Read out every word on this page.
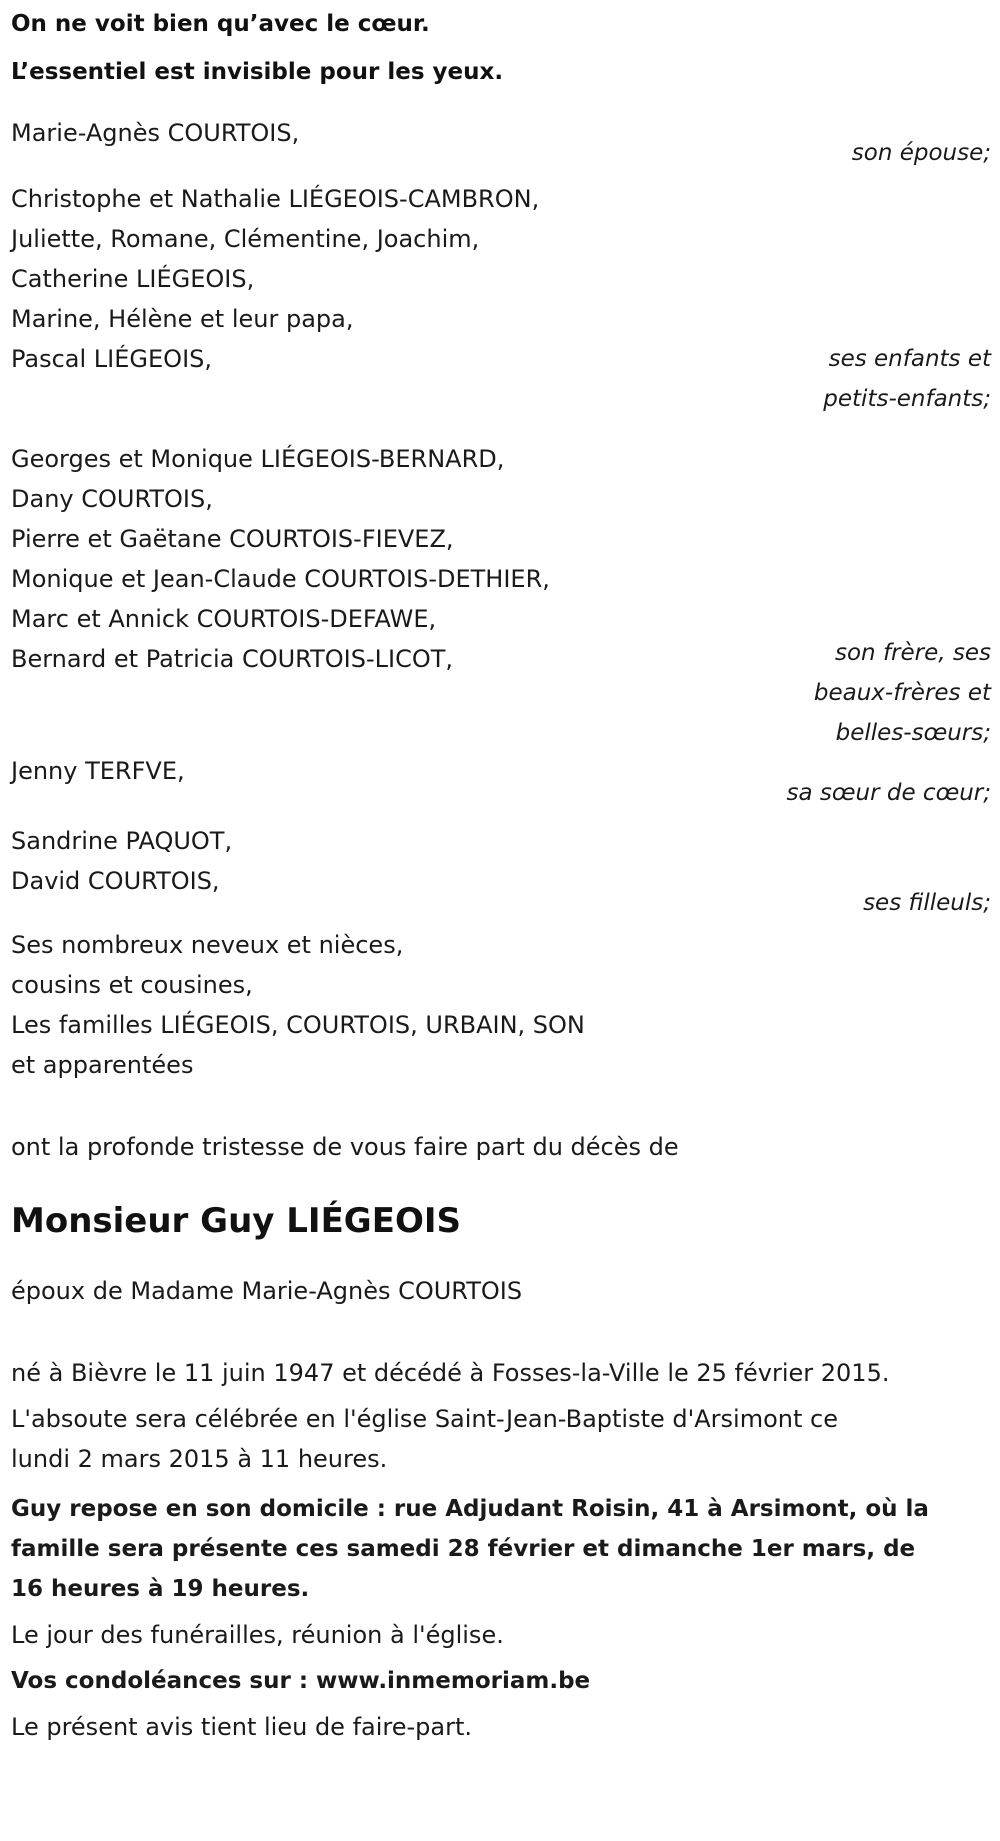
On ne voit bien qu’avec le cœur.

L’essentiel est invisible pour les yeux.

Marie-Agnès COURTOIS,

son épouse;

Christophe et Nathalie LIÉGEOIS-CAMBRON,

Juliette, Romane, Clémentine, Joachim,

Catherine LIÉGEOIS,

Marine, Hélène et leur papa,

Pascal LIÉGEOIS,	ses enfants et
petits-enfants;

Georges et Monique LIÉGEOIS-BERNARD,

Dany COURTOIS,

Pierre et Gaëtane COURTOIS-FIEVEZ,

Monique et Jean-Claude COURTOIS-DETHIER,

Marc et Annick COURTOIS-DEFAWE,

Bernard et Patricia COURTOIS-LICOT,	son frère, ses
beaux-frères et
belles-sœurs;

Jenny TERFVE,

sa sœur de cœur;

Sandrine PAQUOT,

David COURTOIS,

ses filleuls;

Ses nombreux neveux et nièces,

cousins et cousines,

Les familles LIÉGEOIS, COURTOIS, URBAIN, SON

et apparentées

ont la profonde tristesse de vous faire part du décès de

Monsieur Guy LIÉGEOIS

époux de Madame Marie-Agnès COURTOIS

né à Bièvre le 11 juin 1947 et décédé à Fosses-la-Ville le 25 février 2015.

L'absoute sera célébrée en l'église Saint-Jean-Baptiste d'Arsimont ce

lundi 2 mars 2015 à 11 heures.

Guy repose en son domicile : rue Adjudant Roisin, 41 à Arsimont, où la

famille sera présente ces samedi 28 février et dimanche 1er mars, de

16 heures à 19 heures.

Le jour des funérailles, réunion à l'église.

Vos condoléances sur : www.inmemoriam.be

Le présent avis tient lieu de faire-part.
